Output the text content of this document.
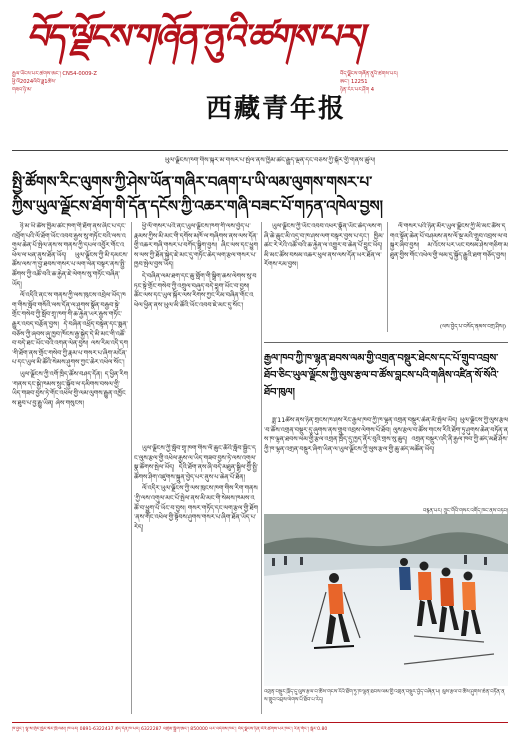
བོད་ལྗོངས་གཞོན་ནུའི་ཚགས་པར།
རྒྱལ་ཡོངས་པར་ཚགས་ཨང་། CN54-0009-Z
ཕྱི་ལོ2024ལོའི་ཟླ1ཚེས་
གཟའ་ཉི་མ་
西藏青年报
བོད་ལྗོངས་གཞོན་ནུའི་ཚགས་པར།
ཨང་། 12251
ཉིན་རེར་པར་ཤོག 4
ཡུལ་ལྗོངས་ཁག་གིས་སྐར་མ་གསར་པ་སྤེལ་ནས་ཁྱིམ་ཚང་རྒྱུད་ལྡན་དང་བཅས་ཀྱི་སྐོར་གྱི་གནས་ཚུལ།
སྤྱི་ཚོགས་རིང་ལུགས་ཀྱི་ཤེས་ཡོན་གཞིར་བཞག་པ་ཡི་ལམ་ལུགས་གསར་པ་
ཀྱིས་ཡུལ་ལྗོངས་ཐོག་གི་དོན་དངོས་ཀྱི་འཆར་གཞི་བཟང་པོ་གཏན་འཁེལ་བྱས།

ཉི་མ་ཡི་ཚེས་ཁྱིམ་ཚང་ཁག་གི་ཐོག་ནས་ཞིང་པ་དང་འབྲོག་པའི་ལོ་ཐོག་ཡོང་འབབ་རྒྱས་སུ་གཏོང་བའི་ལས་འགུལ་ཆེན་པོ་སྤེལ་ནས་ས་གནས་ཀྱི་དཔལ་འབྱོར་གོང་འཕེལ་ལ་ཕན་ནུས་ཐོན་ཡོད། ཡུལ་ལྗོངས་ཀྱི་མི་དམངས་ཚོས་ལས་ཀ་བྱ་ཐབས་གསར་པ་ལག་ལེན་བསྟར་ནས་སྤྱི་ཚོགས་ཀྱི་འཚོ་བའི་ཆ་རྐྱེན་ཇེ་ལེགས་སུ་གཏོང་བཞིན་ཡོད།

ལོ་འདིའི་ནང་ས་གནས་ཀྱི་ལས་ཁུངས་འབྲེལ་ཡོད་ཁག་གིས་སློབ་གསོའི་ལས་དོན་ལ་ཤུགས་སྣོན་བརྒྱབ་སྟེ་གྲོང་གསེབ་ཀྱི་སློབ་གྲྭ་ཁག་གི་ཆ་རྐྱེན་ཡར་རྒྱས་གཏོང་རྒྱུར་འབད་བརྩོན་བྱས། དེ་བཞིན་འཕྲོད་བསྟེན་དང་སྨན་བཅོས་ཀྱི་ཞབས་ཞུ་ཁྱབ་ཁོངས་རྒྱ་སྐྱེད་དེ་མི་མང་གི་འཚོ་བ་བདེ་ཐང་ཡོང་བའི་འགན་ལེན་བྱས། ལས་རིམ་འདི་དག་གི་ཐོག་ནས་གྲོང་གསེབ་ཀྱི་རྣམ་པ་གསར་པ་ཞིག་མངོན་པ་དང་ཡུལ་མི་ཚོའི་སེམས་ཤུགས་ཀྱང་ཆེར་འཕེལ་སོང་།

ཡུལ་ལྗོངས་ཀྱི་འགོ་ཁྲིད་ཚོས་བཤད་དོན། ད་ཕྱིན་རིག་གནས་དང་སྐྱེ་ཁམས་སྲུང་སྐྱོབ་ལ་དམིགས་བསལ་གྱི་ཡིད་གཟབ་བྱས་ཏེ་གོང་འཕེལ་གྱི་ལམ་ལུགས་རྒྱུན་འཁྱོངས་ཐུབ་པ་བྱ་རྒྱུ་ཡིན། ཞེས་གསུངས།

ཕྱི་ལོ་གསར་པའི་ནང་ཡུལ་ལྗོངས་ཁག་གི་ལས་བྱེད་པ་རྣམས་ཀྱིས་མི་མང་གི་དགོས་མཁོ་ལ་གཞིགས་ནས་ལས་དོན་གྱི་འཆར་གཞི་གསར་པ་བཀོད་སྒྲིག་བྱས། ཞིང་ལས་དང་ཕྱུགས་ལས་ཀྱི་ཐོན་སྐྱེད་ཇེ་མང་དུ་གཏོང་ཆེད་ལག་རྩལ་གསར་པ་ཁྱབ་སྤེལ་བྱས་ཡོད།

དེ་བཞིན་ལམ་ཐག་དང་ཆུ་གློག་གི་སྒྲིག་ཆས་ལེགས་སུ་བཏང་སྟེ་གྲོང་གསེབ་ཀྱི་འགྲུལ་བཞུད་བདེ་བླག་ཡོང་བ་བྱས། ཚོང་ལས་དང་ཡུལ་སྐོར་ལས་རིགས་ཀྱང་རིམ་བཞིན་གོང་འཕེལ་ཕྱིན་ནས་ཡུལ་མི་ཚོའི་ཡོང་འབབ་ཇེ་མང་དུ་སོང་།

ཡུལ་ལྗོངས་ཀྱི་སློབ་གྲྭ་ཁག་གིས་ལོ་ཆུང་ཚོའི་སློབ་སྦྱོང་དང་ལུས་རྩལ་གྱི་འཕེལ་རྒྱས་ལ་ཡིད་གཟབ་བྱས་ཏེ་ལས་འགུལ་སྣ་ཚོགས་སྤེལ་ཡོད། དེའི་ཐོག་ནས་ཞི་བདེ་མཐུན་སྒྲིལ་གྱི་སྤྱི་ཚོགས་ཤིག་འཛུགས་སྐྲུན་བྱེད་པར་ནུས་པ་ཆེན་པོ་ཐོན།

ལོ་འདིར་ཡུལ་ལྗོངས་ཀྱི་ལས་ཁུངས་ཁག་གིས་རིག་གནས་ཀྱི་ལས་འགུལ་མང་པོ་སྤེལ་ནས་མི་མང་གི་སེམས་ཁམས་འཚོ་བ་ཕྱུག་པོ་ཡོང་བ་བྱས། གསར་གཏོད་དང་ལག་རྩལ་གྱི་ཐོག་ནས་གོང་འཕེལ་གྱི་སྟོབས་ཤུགས་གསར་པ་ཞིག་ཐོན་ཡོད་པ་རེད།

ཡུལ་ལྗོངས་ཀྱི་ཡོང་འབབ་འཕར་སྣོན་ཡོང་ཆེད་ལས་གཞི་ཆེ་ཆུང་མི་འདྲ་བ་ཁ་ཤས་ལག་བསྟར་བྱས་པ་དང་། ཁྱིམ་ཚང་རེ་རེའི་འཚོ་བའི་ཆ་རྐྱེན་ལ་འགྱུར་བ་ཆེན་པོ་བྱུང་ཡོད། མི་མང་ཚོས་བསམ་འཆར་ཕུལ་ནས་ལས་དོན་ཡར་ཐོན་ལ་རོགས་རམ་བྱས།

ལོ་གསར་པའི་ཉིན་མོར་ཡུལ་ལྗོངས་ཀྱི་མི་མང་ཚོས་དགའ་སྟོན་ཆེན་པོ་བཤམས་ནས་ལོ་སྔ་མའི་གྲུབ་འབྲས་ལ་བསྐྱར་ཞིབ་བྱས། མ་འོངས་པར་ཡང་བསམ་ཤེས་གཅིག་མཐུན་གྱིས་གོང་འཕེལ་གྱི་ལམ་དུ་སྐྱོད་རྒྱུའི་ཐག་གཅོད་བྱས།

(ལས་བྱེད་པ་བསོད་ནམས་བཀྲ་ཤིས།)
རྒྱལ་ཁབ་ཀྱི་ཁ་ལྷན་ཐབས་ལམ་གྱི་འགྲན་བསྡུར་ཐེངས་དང་པོ་གྲུབ་འབྲས་ཐོབ་ཅིང་ཡུལ་ལྗོངས་ཀྱི་ལུས་རྩལ་བ་ཚོས་བླངས་པའི་གཞིས་འཛིན་སོ་སོའི་ཐོབ་ཁུལ།

ཟླ་11ཚེས་ནས་ཉིན་གྲངས་ཁ་ཤས་རིང་རྒྱལ་ཁབ་ཀྱི་ཁ་ལྷན་འགྲན་བསྡུར་ཆེན་མོ་སྤེལ་ཡོད། ཡུལ་ལྗོངས་ཀྱི་ལུས་རྩལ་བ་ཚོས་འགྲན་བསྡུར་དུ་ཞུགས་ནས་གྲུབ་འབྲས་ལེགས་པོ་ཐོབ། ལུས་རྩལ་བ་ཚོས་གངས་རིའི་ཐོག་ཏུ་ཤུགས་ཆེན་བཏོན་ནས་ཁ་ལྷན་ཐབས་ལམ་གྱི་རྩལ་འགྲན་ཁྲོད་དུ་ཁྱད་ནོར་བུའི་གྲས་སུ་ཆུད། འགྲན་བསྡུར་འདི་ནི་རྒྱལ་ཁབ་ཀྱི་ཚད་མཐོ་ཤོས་ཀྱི་ཁ་ལྷན་འགྲན་བསྡུར་ཞིག་ཡིན་ལ་ཡུལ་ལྗོངས་ཀྱི་ལུས་རྩལ་གྱི་ཆུ་ཚད་མཚོན་ཡོད།

བརྙན་པར། ཀྲུང་གོའི་གསར་འགོད་ཁང་ནས་བཏབ།
འགྲན་བསྡུར་ཁྲོད་དུ་ལུས་རྩལ་བ་ཚོས་གངས་རིའི་ཐོག་ཏུ་ཁ་ལྷན་ཐབས་ལམ་གྱི་འགྲན་བསྡུར་བྱེད་བཞིན་པ། ལུས་རྩལ་བ་ཚོས་ཤུགས་ཆེན་བཏོན་ནས་གྲུབ་འབྲས་ལེགས་པོ་ཐོབ་པ་རེད།
ཁ་བྱང་། ལྷ་ས་གྲོང་ཁྱེར་སེར་ཁྲི་ལམ། ཁ་པར། 0891-6322437 ཆེད་དོན་ཁ་པར། 6322287 འགྲེམ་སྒྲིག་ཨང་། 850000 པར་འདེབས་ཁང་། བོད་ལྗོངས་ཉིན་རེའི་ཚགས་པར་ཁང་། རིན་གོང་། སྒོར་0.80
